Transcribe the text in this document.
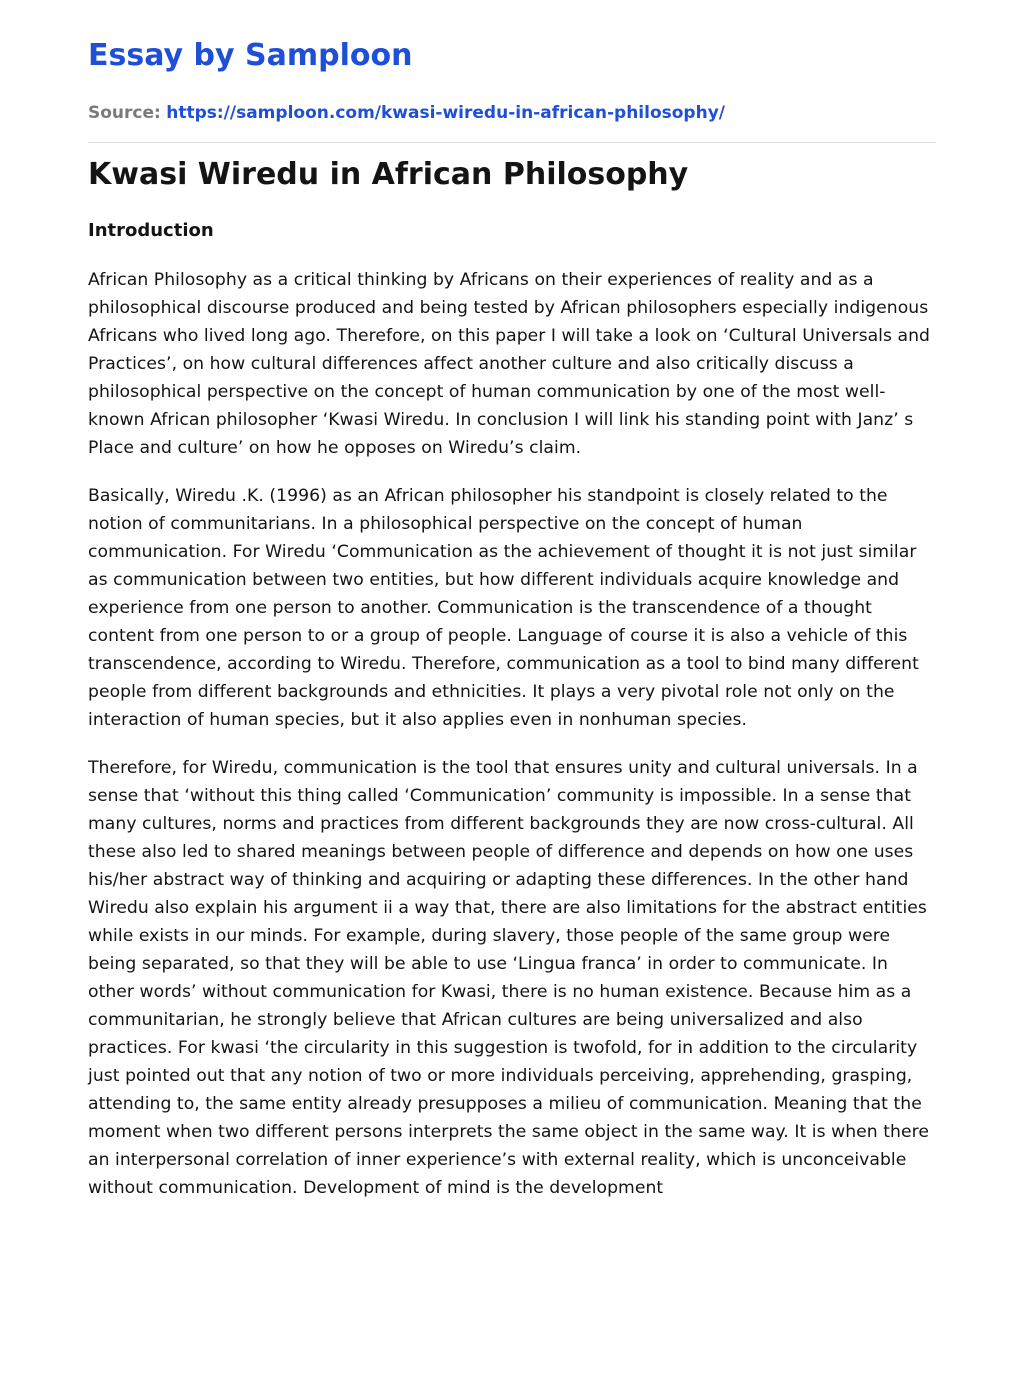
Essay by Samploon
Source: https://samploon.com/kwasi-wiredu-in-african-philosophy/
Kwasi Wiredu in African Philosophy
Introduction

African Philosophy as a critical thinking by Africans on their experiences of reality and as a philosophical discourse produced and being tested by African philosophers especially indigenous Africans who lived long ago. Therefore, on this paper I will take a look on ‘Cultural Universals and Practices’, on how cultural differences affect another culture and also critically discuss a philosophical perspective on the concept of human communication by one of the most well-known African philosopher ‘Kwasi Wiredu. In conclusion I will link his standing point with Janz’ s Place and culture’ on how he opposes on Wiredu’s claim.

Basically, Wiredu .K. (1996) as an African philosopher his standpoint is closely related to the notion of communitarians. In a philosophical perspective on the concept of human communication. For Wiredu ‘Communication as the achievement of thought it is not just similar as communication between two entities, but how different individuals acquire knowledge and experience from one person to another. Communication is the transcendence of a thought content from one person to or a group of people. Language of course it is also a vehicle of this transcendence, according to Wiredu. Therefore, communication as a tool to bind many different people from different backgrounds and ethnicities. It plays a very pivotal role not only on the interaction of human species, but it also applies even in nonhuman species.

Therefore, for Wiredu, communication is the tool that ensures unity and cultural universals. In a sense that ‘without this thing called ‘Communication’ community is impossible. In a sense that many cultures, norms and practices from different backgrounds they are now cross-cultural. All these also led to shared meanings between people of difference and depends on how one uses his/her abstract way of thinking and acquiring or adapting these differences. In the other hand Wiredu also explain his argument ii a way that, there are also limitations for the abstract entities while exists in our minds. For example, during slavery, those people of the same group were being separated, so that they will be able to use ‘Lingua franca’ in order to communicate. In other words’ without communication for Kwasi, there is no human existence. Because him as a communitarian, he strongly believe that African cultures are being universalized and also practices. For kwasi ‘the circularity in this suggestion is twofold, for in addition to the circularity just pointed out that any notion of two or more individuals perceiving, apprehending, grasping, attending to, the same entity already presupposes a milieu of communication. Meaning that the moment when two different persons interprets the same object in the same way. It is when there an interpersonal correlation of inner experience’s with external reality, which is unconceivable without communication. Development of mind is the development
